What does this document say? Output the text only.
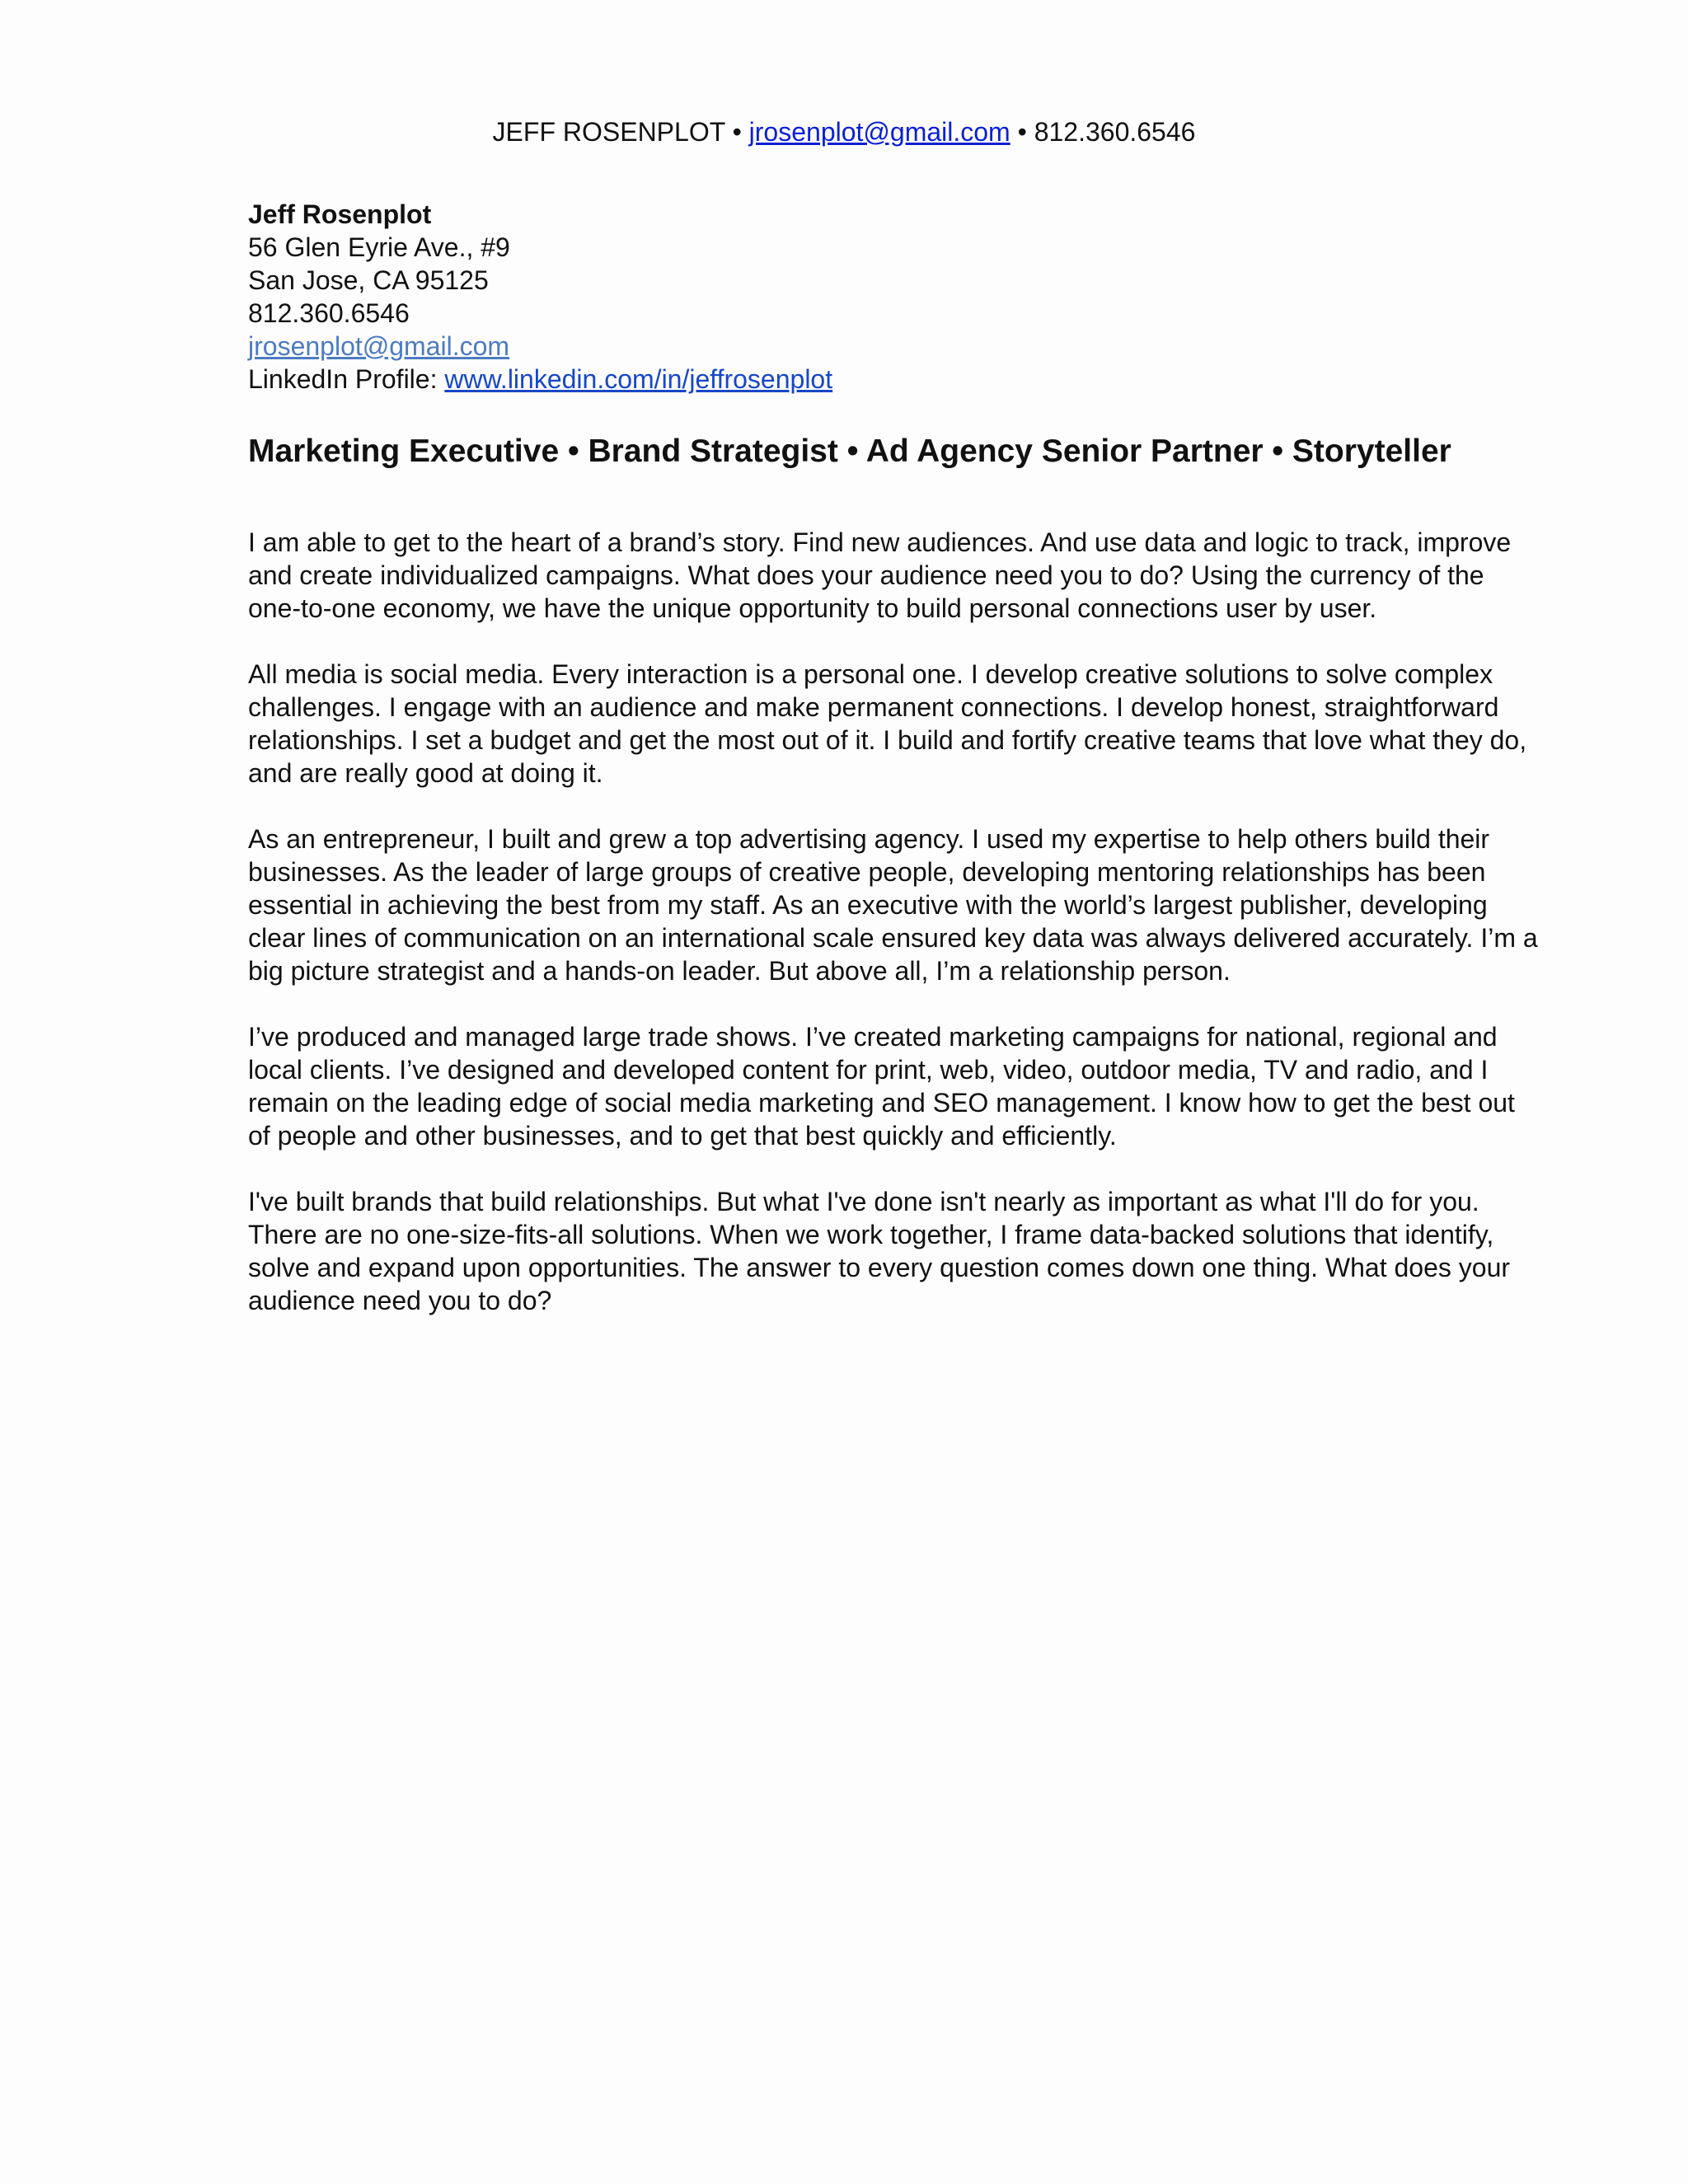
JEFF ROSENPLOT • jrosenplot@gmail.com • 812.360.6546
Jeff Rosenplot
56 Glen Eyrie Ave., #9
San Jose, CA 95125
812.360.6546
jrosenplot@gmail.com
LinkedIn Profile: www.linkedin.com/in/jeffrosenplot
Marketing Executive • Brand Strategist • Ad Agency Senior Partner • Storyteller

I am able to get to the heart of a brand’s story. Find new audiences. And use data and logic to track, improve and create individualized campaigns. What does your audience need you to do? Using the currency of the one-to-one economy, we have the unique opportunity to build personal connections user by user.

All media is social media. Every interaction is a personal one. I develop creative solutions to solve complex challenges. I engage with an audience and make permanent connections. I develop honest, straightforward relationships. I set a budget and get the most out of it. I build and fortify creative teams that love what they do, and are really good at doing it.

As an entrepreneur, I built and grew a top advertising agency. I used my expertise to help others build their businesses. As the leader of large groups of creative people, developing mentoring relationships has been essential in achieving the best from my staff. As an executive with the world’s largest publisher, developing clear lines of communication on an international scale ensured key data was always delivered accurately. I’m a big picture strategist and a hands-on leader. But above all, I’m a relationship person.

I’ve produced and managed large trade shows. I’ve created marketing campaigns for national, regional and local clients. I’ve designed and developed content for print, web, video, outdoor media, TV and radio, and I remain on the leading edge of social media marketing and SEO management. I know how to get the best out of people and other businesses, and to get that best quickly and efficiently.

I've built brands that build relationships. But what I've done isn't nearly as important as what I'll do for you. There are no one-size-fits-all solutions. When we work together, I frame data-backed solutions that identify, solve and expand upon opportunities. The answer to every question comes down one thing. What does your audience need you to do?
